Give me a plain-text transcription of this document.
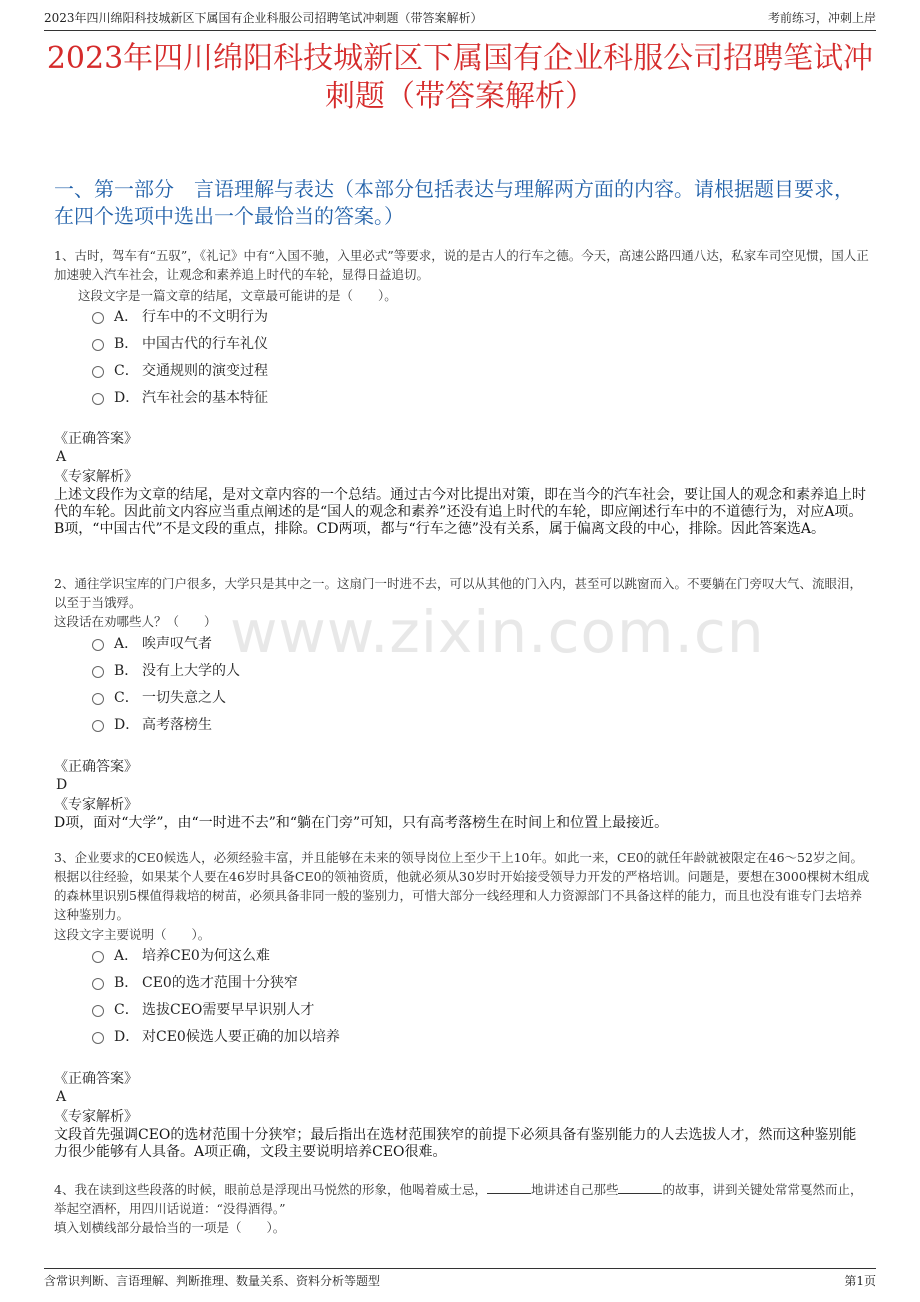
2023年四川绵阳科技城新区下属国有企业科服公司招聘笔试冲刺题（带答案解析）	考前练习，冲刺上岸
2023年四川绵阳科技城新区下属国有企业科服公司招聘笔试冲刺题（带答案解析）
一、第一部分　言语理解与表达（本部分包括表达与理解两方面的内容。请根据题目要求，在四个选项中选出一个最恰当的答案。）
www.zixin.com.cn
1、古时，驾车有“五驭”，《礼记》中有“入国不驰，入里必式”等要求，说的是古人的行车之德。今天，高速公路四通八达，私家车司空见惯，国人正加速驶入汽车社会，让观念和素养追上时代的车轮，显得日益追切。
这段文字是一篇文章的结尾，文章最可能讲的是（　　）。
A． 行车中的不文明行为
B． 中国古代的行车礼仪
C． 交通规则的演变过程
D． 汽车社会的基本特征
《正确答案》
A
《专家解析》
上述文段作为文章的结尾，是对文章内容的一个总结。通过古今对比提出对策，即在当今的汽车社会，要让国人的观念和素养追上时代的车轮。因此前文内容应当重点阐述的是“国人的观念和素养”还没有追上时代的车轮，即应阐述行车中的不道德行为，对应A项。B项，“中国古代”不是文段的重点，排除。CD两项，都与“行车之德”没有关系，属于偏离文段的中心，排除。因此答案选A。
2、通往学识宝库的门户很多，大学只是其中之一。这扇门一时进不去，可以从其他的门入内，甚至可以跳窗而入。不要躺在门旁叹大气、流眼泪，以至于当饿殍。
这段话在劝哪些人？（　　）
A． 唉声叹气者
B． 没有上大学的人
C． 一切失意之人
D． 高考落榜生
《正确答案》
D
《专家解析》
D项，面对“大学”，由“一时进不去”和“躺在门旁”可知，只有高考落榜生在时间上和位置上最接近。
3、企业要求的CE0候选人，必须经验丰富，并且能够在未来的领导岗位上至少干上10年。如此一来，CE0的就任年龄就被限定在46～52岁之间。根据以往经验，如果某个人要在46岁时具备CE0的领袖资质，他就必须从30岁时开始接受领导力开发的严格培训。问题是，要想在3000棵树木组成的森林里识别5棵值得栽培的树苗，必须具备非同一般的鉴别力，可惜大部分一线经理和人力资源部门不具备这样的能力，而且也没有谁专门去培养这种鉴别力。
这段文字主要说明（　　）。
A． 培养CE0为何这么难
B． CE0的选才范围十分狭窄
C． 选拔CEO需要早早识别人才
D． 对CE0候选人要正确的加以培养
《正确答案》
A
《专家解析》
文段首先强调CEO的选材范围十分狭窄；最后指出在选材范围狭窄的前提下必须具备有鉴别能力的人去选拔人才，然而这种鉴别能力很少能够有人具备。A项正确，文段主要说明培养CEO很难。
4、我在读到这些段落的时候，眼前总是浮现出马悦然的形象，他喝着威士忌，	地讲述自己那些	的故事，讲到关键处常常戛然而止，举起空酒杯，用四川话说道：“没得酒得。”
填入划横线部分最恰当的一项是（　　）。
含常识判断、言语理解、判断推理、数量关系、资料分析等题型	第1页
